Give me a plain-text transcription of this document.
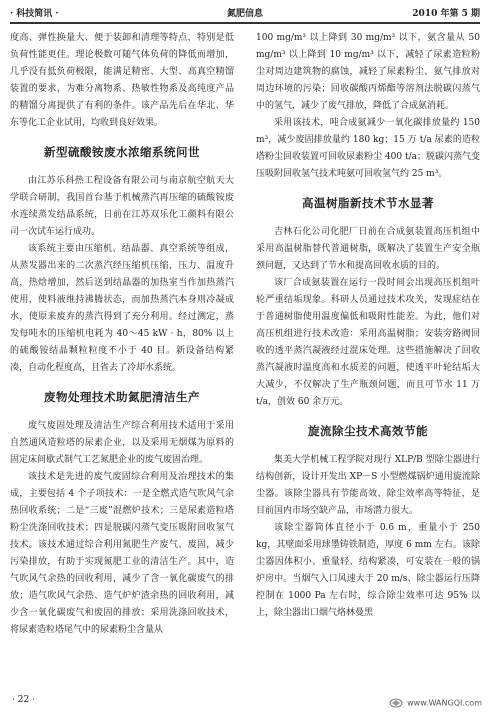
· 科技简讯 ·	氮肥信息	2010 年第 5 期

度高、弹性换量大、便于装卸和清理等特点，特别是低负荷性能更佳。理论极数可随气体负荷的降低而增加，几乎没有低负荷极限，能满足精密、大型、高真空精馏装置的要求，为难分离物系、热敏性物系及高纯度产品的精馏分离提供了有利的条件。该产品先后在华北、华东等化工企业试用，均收到良好效果。

新型硫酸铵废水浓缩系统问世

由江苏乐科热工程设备有限公司与南京航空航天大学联合研制，我国首台基于机械蒸汽再压缩的硫酸铵废水连续蒸发结晶系统，日前在江苏双乐化工颜料有限公司一次试车运行成功。

该系统主要由压缩机、结晶器、真空系统等组成，从蒸发器出来的二次蒸汽经压缩机压缩，压力、温度升高，热焓增加，然后送到结晶器的加热室当作加热蒸汽使用，使料液维持沸腾状态，而加热蒸汽本身则冷凝成水，使原来废弃的蒸汽得到了充分利用。经过测定，蒸发每吨水的压缩机电耗为 40～45 kW · h，80% 以上的硫酸铵结晶颗粒粒度不小于 40 目。新设备结构紧凑，自动化程度高，且省去了冷却水系统。

废物处理技术助氮肥清洁生产

废气废固处理及清洁生产综合利用技术适用于采用自然通风造粒塔的尿素企业，以及采用无烟煤为原料的固定床间歇式制气工艺氮肥企业的废气废固治理。

该技术是先进的废气废固综合利用及治理技术的集成，主要包括 4 个子项技术：一是全燃式造气吹风气余热回收系统；二是“三废”混燃炉技术；三是尿素造粒塔粉尘洗涤回收技术；四是脱碳闪蒸气变压吸附回收氢气技术。该技术通过综合利用氮肥生产废气、废固，减少污染排放，有助于实现氮肥工业的清洁生产。其中，造气吹风气余热的回收利用，减少了含一氧化碳废气的排放；造气吹风气余热、造气炉炉渣余热的回收利用，减少含一氧化碳废气和废固的排放；采用洗涤回收技术，将尿素造粒塔尾气中的尿素粉尘含量从

100 mg/m³ 以上降到 30 mg/m³ 以下，氨含量从 50 mg/m³ 以上降到 10 mg/m³ 以下，减轻了尿素造粒粉尘对周边建筑物的腐蚀，减轻了尿素粉尘、氨气排放对周边环境的污染；回收碳酸丙烯酯等溶剂法脱碳闪蒸气中的氢气，减少了废气排放，降低了合成氨消耗。

采用该技术，吨合成氨减少一氧化碳排放量约 150 m³，减少废固排放量约 180 kg；15 万 t/a 尿素的造粒塔粉尘回收装置可回收尿素粉尘 400 t/a；脱碳闪蒸气变压吸附回收氢气技术吨氨可回收氢气约 25 m³。

高温树脂新技术节水显著

吉林石化公司化肥厂日前在合成氨装置高压机组中采用高温树脂替代普通树脂，既解决了装置生产安全瓶颈问题，又达到了节水和提高回收水质的目的。

该厂合成氨装置在运行一段时间会出现高压机组叶轮严重结垢现象。科研人员通过技术攻关，发现症结在于普通树脂使用温度偏低和吸附性能差。为此，他们对高压机组进行技术改造：采用高温树脂；安装旁路阀回收的透平蒸汽凝液经过混床处理。这些措施解决了回收蒸汽凝液时温度高和水质差的问题，使透平叶轮结垢大大减少，不仅解决了生产瓶颈问题，而且可节水 11 万 t/a，创效 60 余万元。

旋流除尘技术高效节能

集美大学机械工程学院对现行 XLP/B 型除尘器进行结构创新，设计开发出 XP－S 小型燃煤锅炉通用旋流除尘器。该除尘器具有节能高效、除尘效率高等特征，是目前国内市场空缺产品，市场潜力很大。

该除尘器筒体直径小于 0.6 m，重量小于 250 kg，其壁面采用球墨铸铁制造，厚度 6 mm 左右。该除尘器因体积小、重量轻、结构紧凑，可安装在一般的锅炉房中。当烟气入口风速大于 20 m/s、除尘器运行压降控制在 1000 Pa 左右时，综合除尘效率可达 95% 以上，除尘器出口烟气烙林曼黑

· 22 ·	www.WANGQI.com
